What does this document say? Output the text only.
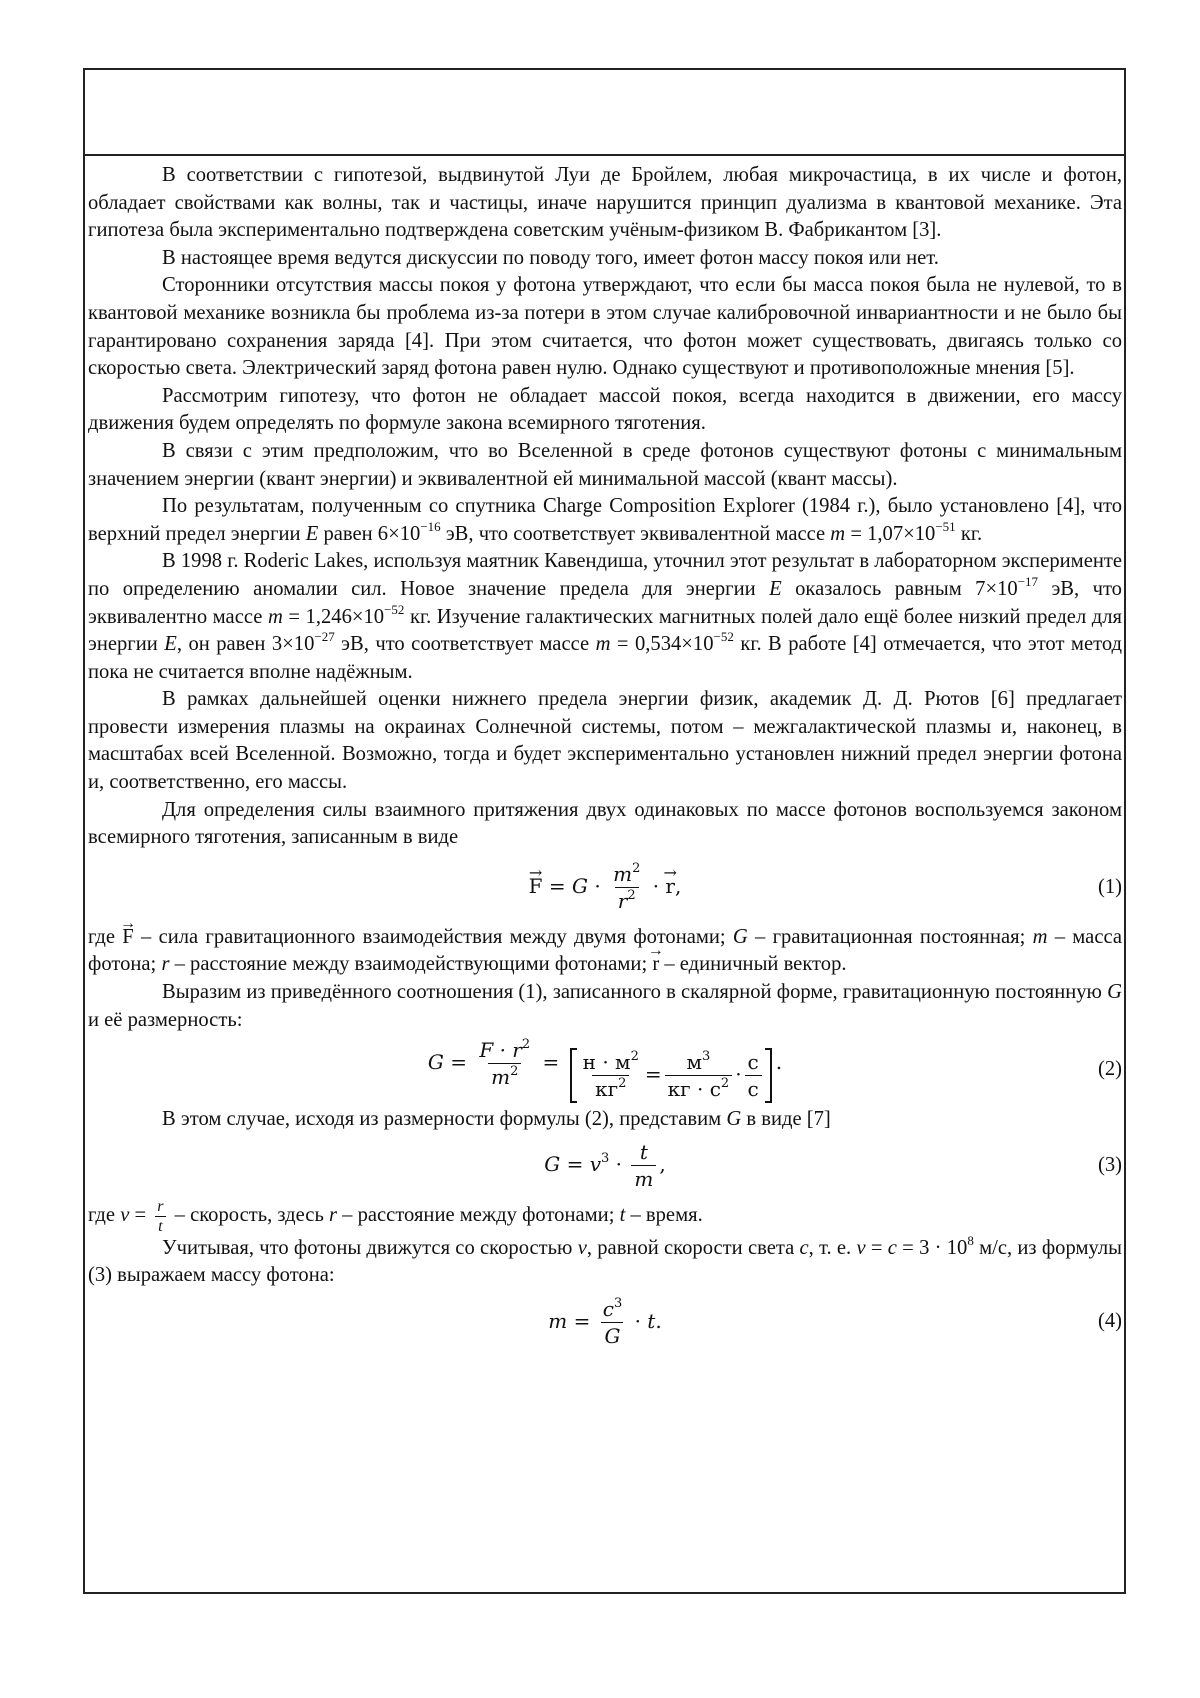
В соответствии с гипотезой, выдвинутой Луи де Бройлем, любая микрочастица, в их числе и фотон, обладает свойствами как волны, так и частицы, иначе нарушится принцип дуализма в квантовой механике. Эта гипотеза была экспериментально подтверждена советским учёным-физиком В. Фабрикантом [3].

В настоящее время ведутся дискуссии по поводу того, имеет фотон массу покоя или нет.

Сторонники отсутствия массы покоя у фотона утверждают, что если бы масса покоя была не нулевой, то в квантовой механике возникла бы проблема из-за потери в этом случае калибровочной инвариантности и не было бы гарантировано сохранения заряда [4]. При этом считается, что фотон может существовать, двигаясь только со скоростью света. Электрический заряд фотона равен нулю. Однако существуют и противоположные мнения [5].

Рассмотрим гипотезу, что фотон не обладает массой покоя, всегда находится в движении, его массу движения будем определять по формуле закона всемирного тяготения.

В связи с этим предположим, что во Вселенной в среде фотонов существуют фотоны с минимальным значением энергии (квант энергии) и эквивалентной ей минимальной массой (квант массы).

По результатам, полученным со спутника Charge Composition Explorer (1984 г.), было установлено [4], что верхний предел энергии E равен $6\times 10^{-16}$ эВ, что соответствует эквивалентной массе $m = 1,07\times 10^{-51}$ кг.

В 1998 г. Roderic Lakes, используя маятник Кавендиша, уточнил этот результат в лабораторном эксперименте по определению аномалии сил. Новое значение предела для энергии E оказалось равным $7\times 10^{-17}$ эВ, что эквивалентно массе $m = 1,246\times 10^{-52}$ кг. Изучение галактических магнитных полей дало ещё более низкий предел для энергии E, он равен $3\times 10^{-27}$ эВ, что соответствует массе $m = 0,534\times 10^{-52}$ кг. В работе [4] отмечается, что этот метод пока не считается вполне надёжным.

В рамках дальнейшей оценки нижнего предела энергии физик, академик Д. Д. Рютов [6] предлагает провести измерения плазмы на окраинах Солнечной системы, потом – межгалактической плазмы и, наконец, в масштабах всей Вселенной. Возможно, тогда и будет экспериментально установлен нижний предел энергии фотона и, соответственно, его массы.

Для определения силы взаимного притяжения двух одинаковых по массе фотонов воспользуемся законом всемирного тяготения, записанным в виде

→ $F = G \cdot \frac{m^2}{r^2}$ · → r,	(1)

где → F – сила гравитационного взаимодействия между двумя фотонами; G – гравитационная постоянная; m – масса фотона; r – расстояние между взаимодействующими фотонами; → r – единичный вектор.

Выразим из приведённого соотношения (1), записанного в скалярной форме, гравитационную постоянную G и её размерность:

$G = \frac{F \cdot r^2}{m^2} = \frac{н \cdot м^2}{кг^2} = \frac{м^3}{кг \cdot с^2} \cdot \frac{с}{с}$ .	(2)

В этом случае, исходя из размерности формулы (2), представим G в виде [7]

$G = v^3 \cdot \frac{t}{m}$ ,	(3)

где $v = \frac{r}{t}$ – скорость, здесь r – расстояние между фотонами; t – время.

Учитывая, что фотоны движутся со скоростью v, равной скорости света c, т. е. $v = c = 3 \cdot 10^8$ м/с, из формулы (3) выражаем массу фотона:

$m = \frac{c^3}{G} \cdot t$.	(4)
